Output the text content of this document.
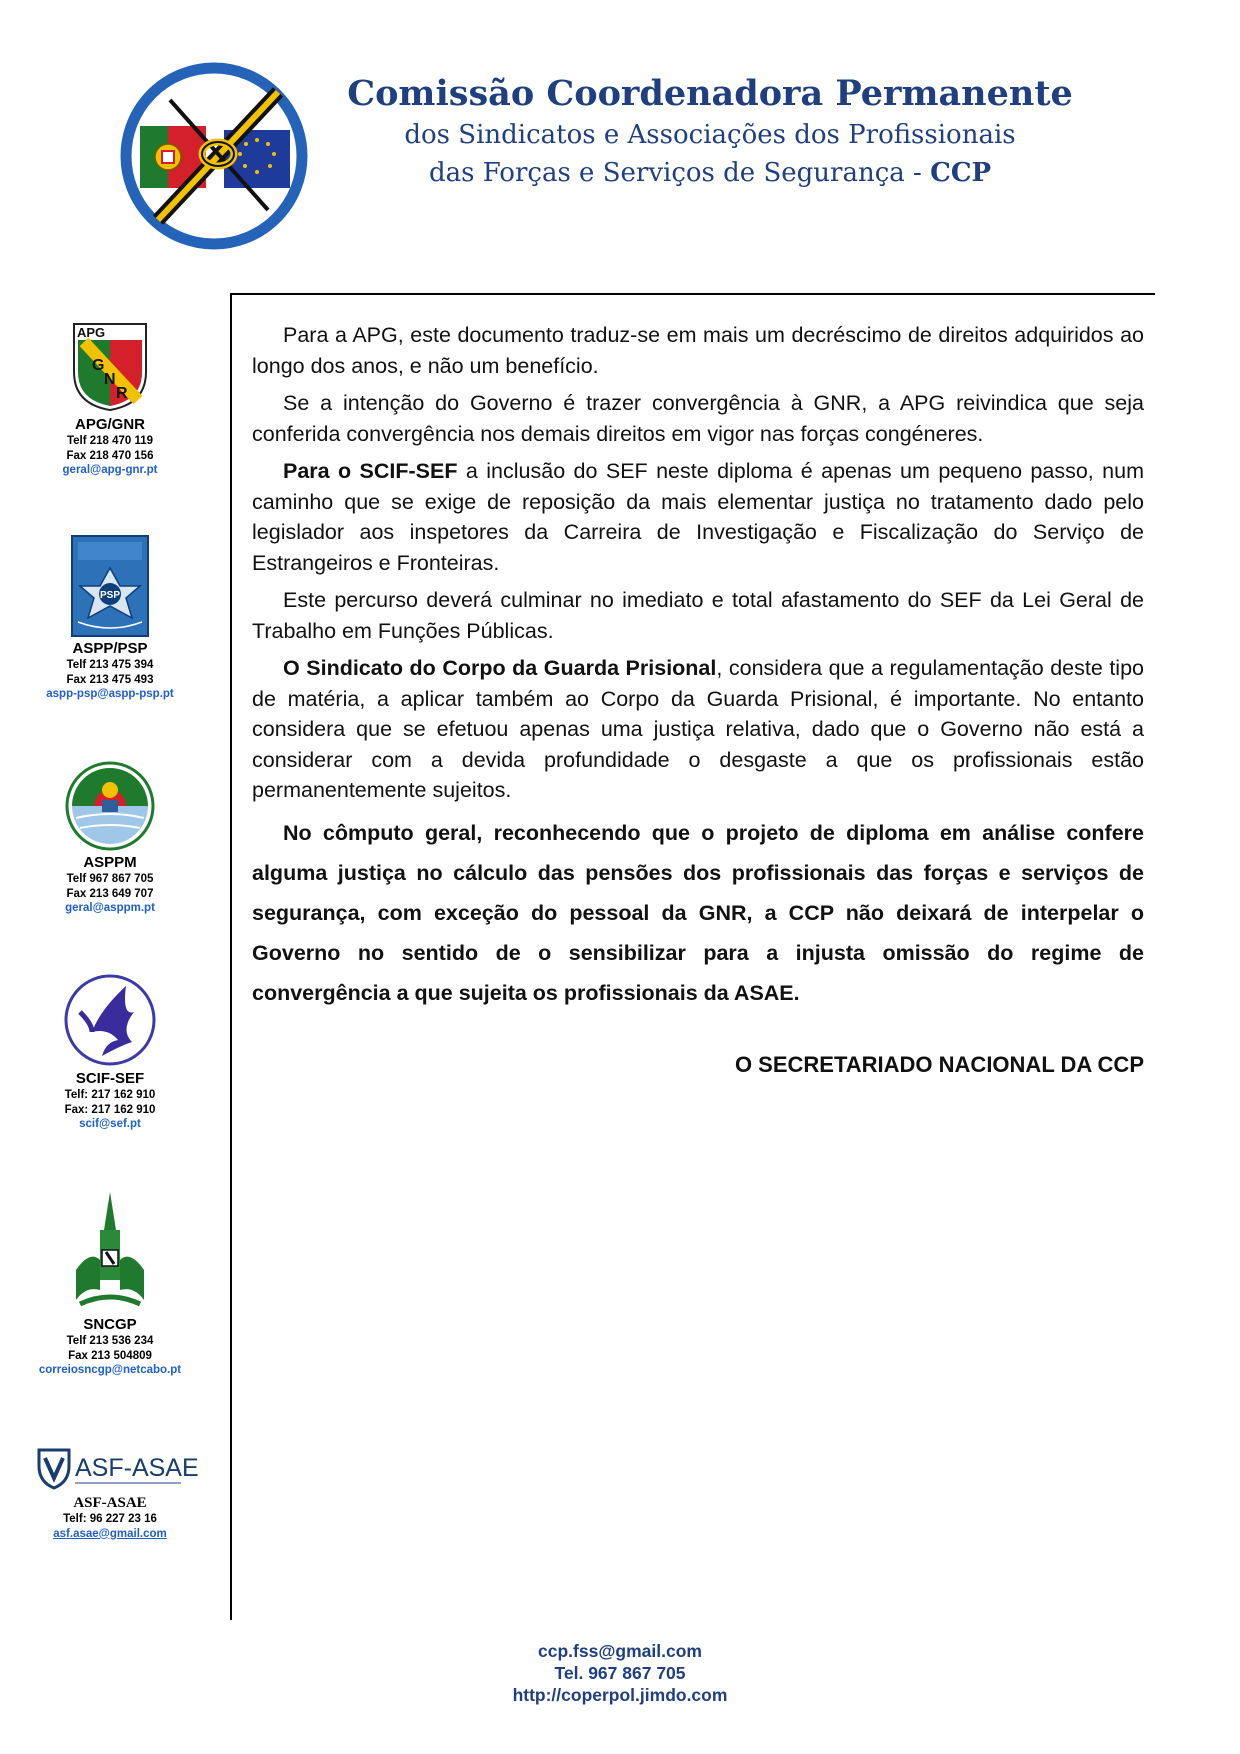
Comissão Coordenadora Permanente
dos Sindicatos e Associações dos Profissionais
das Forças e Serviços de Segurança - CCP
G
N
R
APG
APG/GNR
Telf 218 470 119
Fax 218 470 156
geral@apg-gnr.pt
PSP
ASPP/PSP
Telf 213 475 394
Fax 213 475 493
aspp-psp@aspp-psp.pt
ASPPM
Telf 967 867 705
Fax 213 649 707
geral@asppm.pt
SCIF-SEF
Telf: 217 162 910
Fax: 217 162 910
scif@sef.pt
SNCGP
Telf 213 536 234
Fax 213 504809
correiosncgp@netcabo.pt
ASF-ASAE
ASF-ASAE
Telf: 96 227 23 16
asf.asae@gmail.com

Para a APG, este documento traduz-se em mais um decréscimo de direitos adquiridos ao longo dos anos, e não um benefício.

Se a intenção do Governo é trazer convergência à GNR, a APG reivindica que seja conferida convergência nos demais direitos em vigor nas forças congéneres.

Para o SCIF-SEF a inclusão do SEF neste diploma é apenas um pequeno passo, num caminho que se exige de reposição da mais elementar justiça no tratamento dado pelo legislador aos inspetores da Carreira de Investigação e Fiscalização do Serviço de Estrangeiros e Fronteiras.

Este percurso deverá culminar no imediato e total afastamento do SEF da Lei Geral de Trabalho em Funções Públicas.

O Sindicato do Corpo da Guarda Prisional, considera que a regulamentação deste tipo de matéria, a aplicar também ao Corpo da Guarda Prisional, é importante. No entanto considera que se efetuou apenas uma justiça relativa, dado que o Governo não está a considerar com a devida profundidade o desgaste a que os profissionais estão permanentemente sujeitos.

No cômputo geral, reconhecendo que o projeto de diploma em análise confere alguma justiça no cálculo das pensões dos profissionais das forças e serviços de segurança, com exceção do pessoal da GNR, a CCP não deixará de interpelar o Governo no sentido de o sensibilizar para a injusta omissão do regime de convergência a que sujeita os profissionais da ASAE.

O SECRETARIADO NACIONAL DA CCP
ccp.fss@gmail.com
Tel. 967 867 705
http://coperpol.jimdo.com
